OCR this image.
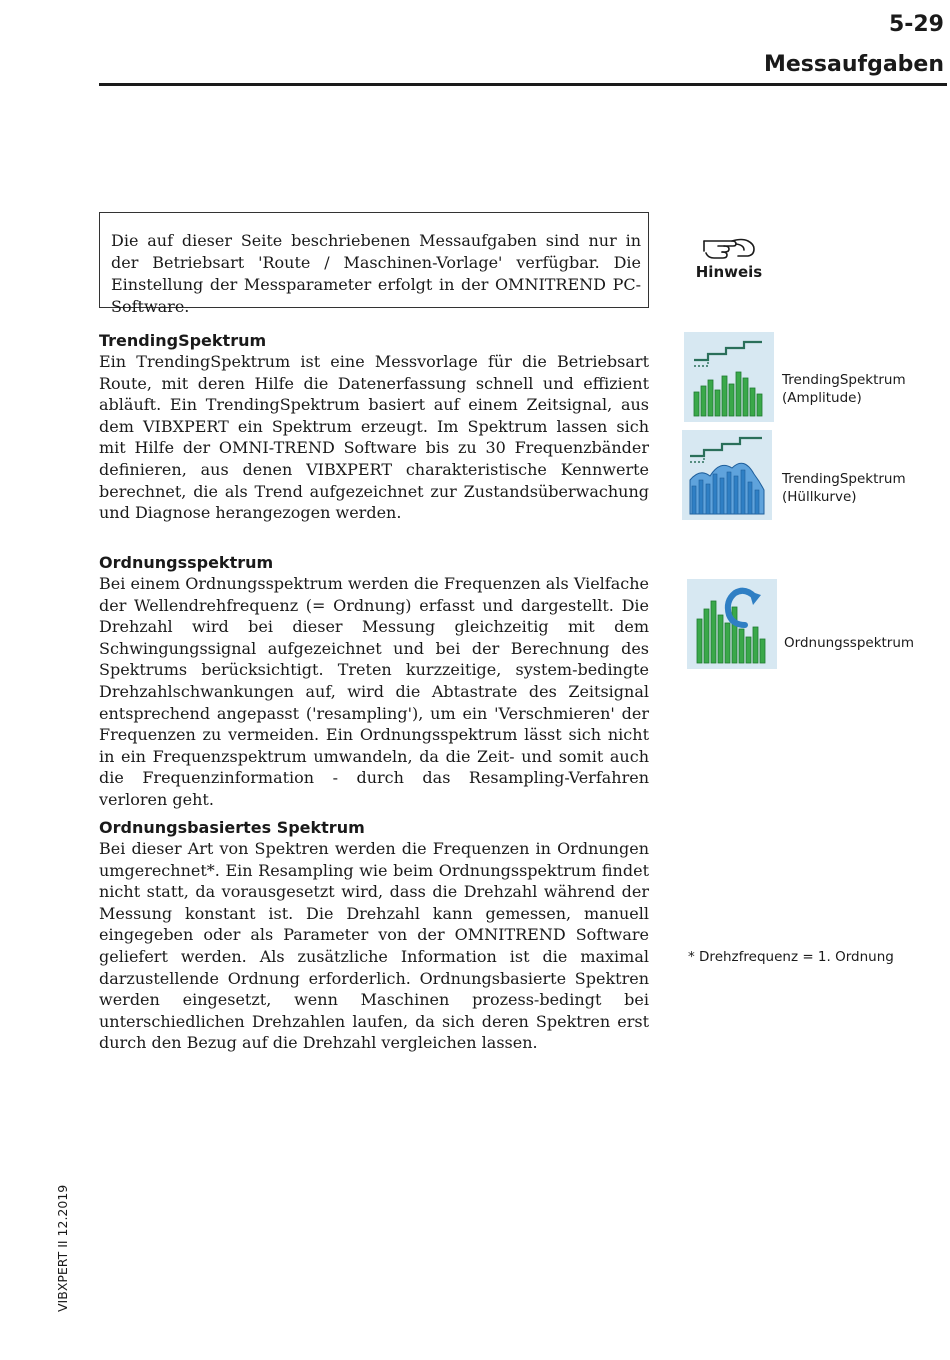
5-29
Messaufgaben

Die auf dieser Seite beschriebenen Messaufgaben sind nur in der Betriebsart 'Route / Maschinen-Vorlage' verfügbar. Die Einstellung der Messparameter erfolgt in der OMNITREND PC-Software.

Hinweis
TrendingSpektrum

Ein TrendingSpektrum ist eine Messvorlage für die Betriebsart Route, mit deren Hilfe die Datenerfassung schnell und effizient abläuft. Ein TrendingSpektrum basiert auf einem Zeitsignal, aus dem VIBXPERT ein Spektrum erzeugt. Im Spektrum lassen sich mit Hilfe der OMNI-TREND Software bis zu 30 Frequenzbänder definieren, aus denen VIBXPERT charakteristische Kennwerte berechnet, die als Trend aufgezeichnet zur Zustandsüberwachung und Diagnose herangezogen werden.

Ordnungsspektrum

Bei einem Ordnungsspektrum werden die Frequenzen als Vielfache der Wellendrehfrequenz (= Ordnung) erfasst und dargestellt. Die Drehzahl wird bei dieser Messung gleichzeitig mit dem Schwingungssignal aufgezeichnet und bei der Berechnung des Spektrums berücksichtigt. Treten kurzzeitige, system-bedingte Drehzahlschwankungen auf, wird die Abtastrate des Zeitsignal entsprechend angepasst ('resampling'), um ein 'Verschmieren' der Frequenzen zu vermeiden. Ein Ordnungsspektrum lässt sich nicht in ein Frequenzspektrum umwandeln, da die Zeit- und somit auch die Frequenzinformation - durch das Resampling-Verfahren verloren geht.

Ordnungsbasiertes Spektrum

Bei dieser Art von Spektren werden die Frequenzen in Ordnungen umgerechnet*. Ein Resampling wie beim Ordnungsspektrum findet nicht statt, da vorausgesetzt wird, dass die Drehzahl während der Messung konstant ist. Die Drehzahl kann gemessen, manuell eingegeben oder als Parameter von der OMNITREND Software geliefert werden. Als zusätzliche Information ist die maximal darzustellende Ordnung erforderlich. Ordnungsbasierte Spektren werden eingesetzt, wenn Maschinen prozess-bedingt bei unterschiedlichen Drehzahlen laufen, da sich deren Spektren erst durch den Bezug auf die Drehzahl vergleichen lassen.

TrendingSpektrum
(Amplitude)
TrendingSpektrum
(Hüllkurve)
Ordnungsspektrum
* Drehzfrequenz = 1. Ordnung
VIBXPERT II 12.2019
